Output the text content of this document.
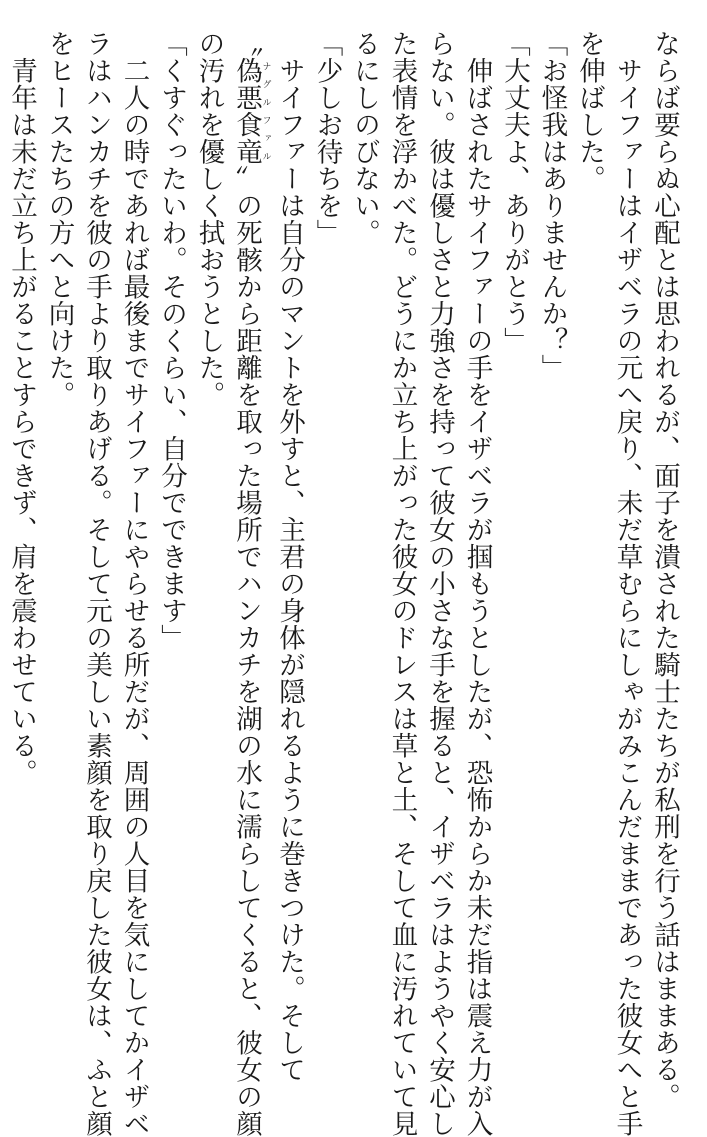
ならば要らぬ心配とは思われるが、面子を潰された騎士たちが私刑を行う話はままある。
　サイファーはイザベラの元へ戻り、未だ草むらにしゃがみこんだままであった彼女へと手
を伸ばした。
「お怪我はありませんか？」
「大丈夫よ、ありがとう」
　伸ばされたサイファーの手をイザベラが掴もうとしたが、恐怖からか未だ指は震え力が入
らない。彼は優しさと力強さを持って彼女の小さな手を握ると、イザベラはようやく安心し
た表情を浮かべた。どうにか立ち上がった彼女のドレスは草と土、そして血に汚れていて見
るにしのびない。
「少しお待ちを」
　サイファーは自分のマントを外すと、主君の身体が隠れるように巻きつけた。そして
〝偽悪食竜ナグルファル〟の死骸から距離を取った場所でハンカチを湖の水に濡らしてくると、彼女の顔
の汚れを優しく拭おうとした。
「くすぐったいわ。そのくらい、自分でできます」
　二人の時であれば最後までサイファーにやらせる所だが、周囲の人目を気にしてかイザベ
ラはハンカチを彼の手より取りあげる。そして元の美しい素顔を取り戻した彼女は、ふと顔
をヒースたちの方へと向けた。
　青年は未だ立ち上がることすらできず、肩を震わせている。
